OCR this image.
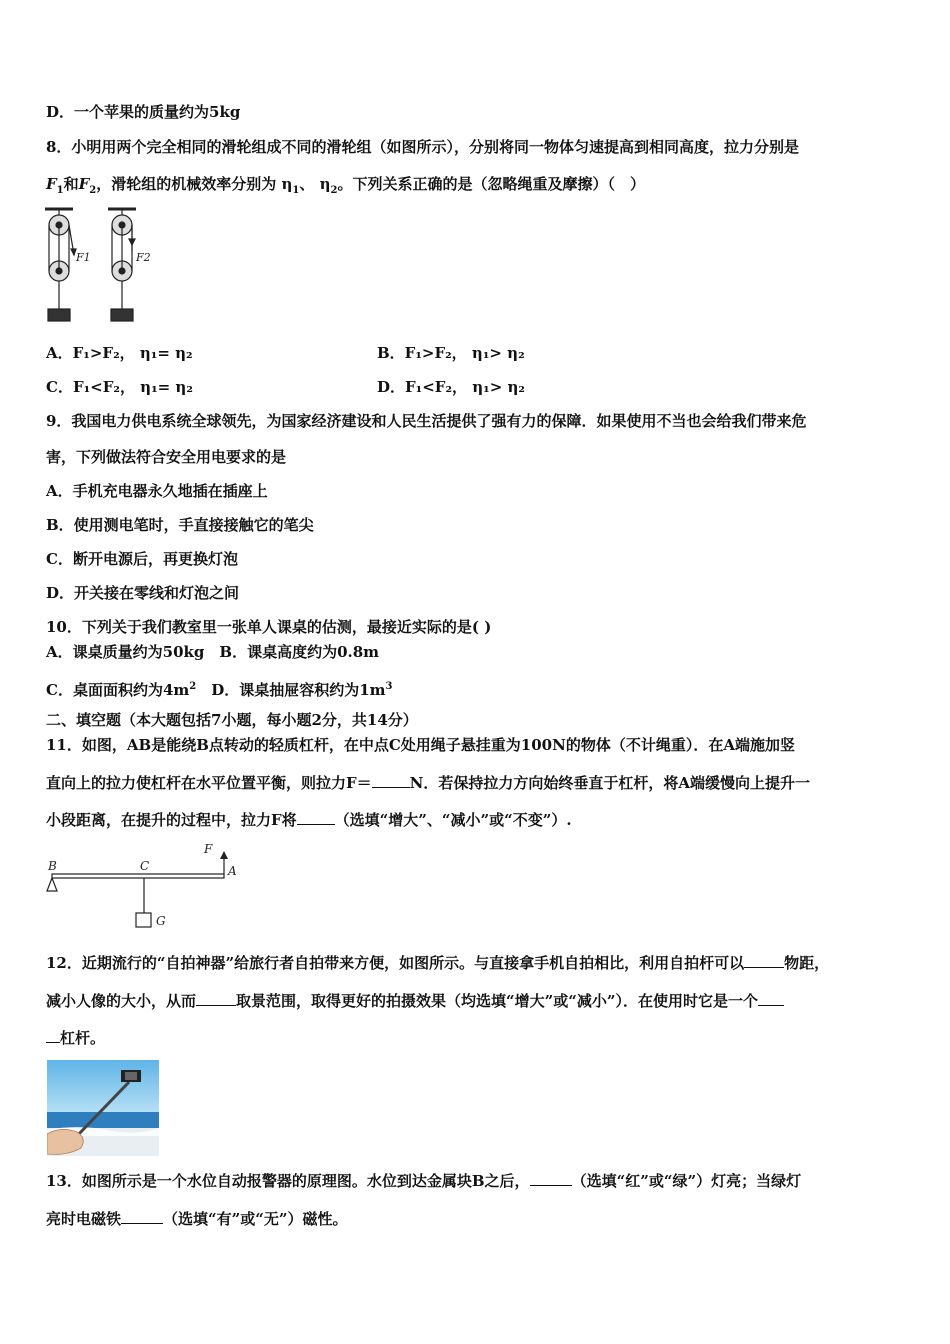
D．一个苹果的质量约为5kg
8．小明用两个完全相同的滑轮组成不同的滑轮组（如图所示），分别将同一物体匀速提高到相同高度，拉力分别是
$F_1$和$F_2$，滑轮组的机械效率分别为 $\eta_1$、 $\eta_2$。下列关系正确的是（忽略绳重及摩擦）（　）
F1	F2
A．F₁>F₂， η₁= η₂	B．F₁>F₂， η₁> η₂
C．F₁<F₂， η₁= η₂	D．F₁<F₂， η₁> η₂
9．我国电力供电系统全球领先，为国家经济建设和人民生活提供了强有力的保障．如果使用不当也会给我们带来危
害，下列做法符合安全用电要求的是
A．手机充电器永久地插在插座上
B．使用测电笔时，手直接接触它的笔尖
C．断开电源后，再更换灯泡
D．开关接在零线和灯泡之间
10．下列关于我们教室里一张单人课桌的估测，最接近实际的是( )
A．课桌质量约为50kg　B．课桌高度约为0.8m
C．桌面面积约为$4m^2$　D．课桌抽屉容积约为$1m^3$
二、填空题（本大题包括7小题，每小题2分，共14分）
11．如图，AB是能绕B点转动的轻质杠杆，在中点C处用绳子悬挂重为100N的物体（不计绳重）．在A端施加竖
直向上的拉力使杠杆在水平位置平衡，则拉力F＝	N．若保持拉力方向始终垂直于杠杆，将A端缓慢向上提升一
小段距离，在提升的过程中，拉力F将	（选填“增大”、“减小”或“不变”）.
B	C	A
F
G
12．近期流行的“自拍神器”给旅行者自拍带来方便，如图所示。与直接拿手机自拍相比，利用自拍杆可以	物距，
减小人像的大小，从而	取景范围，取得更好的拍摄效果（均选填“增大”或“减小”）．在使用时它是一个
杠杆。
13．如图所示是一个水位自动报警器的原理图。水位到达金属块B之后，	（选填“红”或“绿”）灯亮；当绿灯
亮时电磁铁	（选填“有”或“无”）磁性。
